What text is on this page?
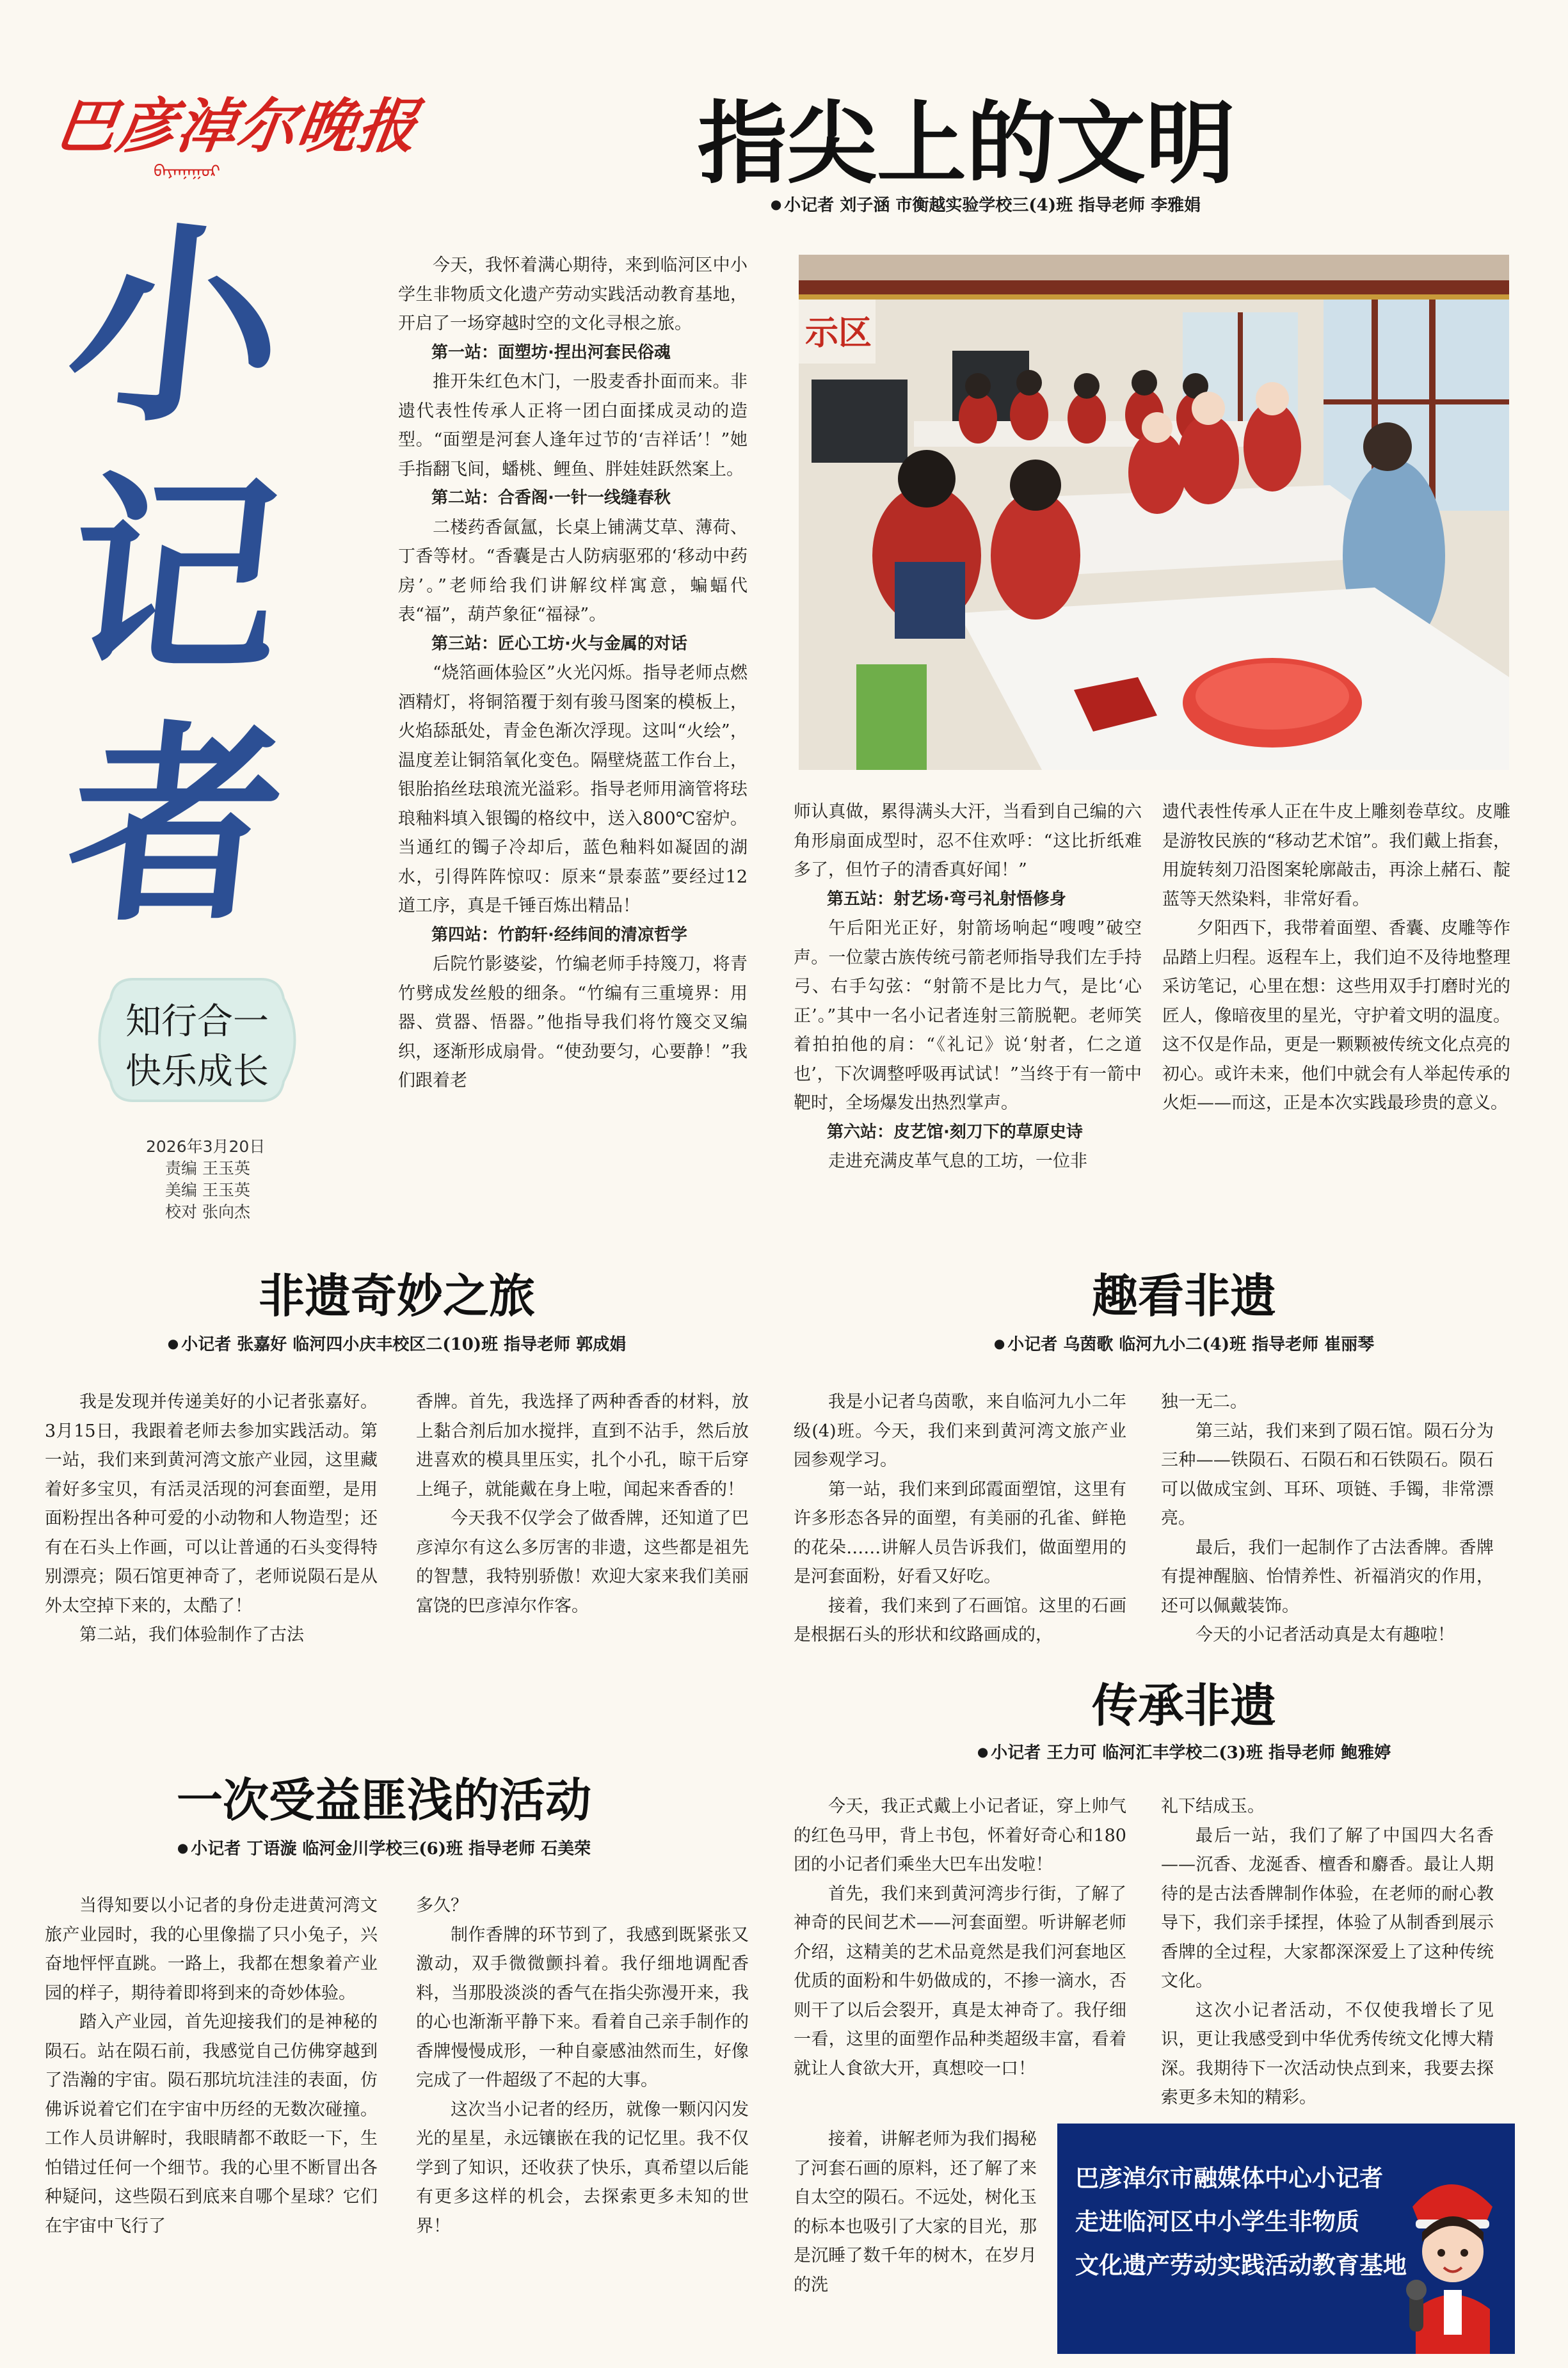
巴彦淖尔晚报
ᠪᠠᠶᠠᠨᠨᠠᠭᠤᠷ
小
记
者
知行合一
快乐成长
2026年3月20日
责编 王玉英
美编 王玉英
校对 张向杰
指尖上的文明
● 小记者 刘子涵 市衡越实验学校三(4)班 指导老师 李雅娟
示区

今天，我怀着满心期待，来到临河区中小学生非物质文化遗产劳动实践活动教育基地，开启了一场穿越时空的文化寻根之旅。

第一站：面塑坊·捏出河套民俗魂

推开朱红色木门，一股麦香扑面而来。非遗代表性传承人正将一团白面揉成灵动的造型。“面塑是河套人逢年过节的‘吉祥话’！”她手指翻飞间，蟠桃、鲤鱼、胖娃娃跃然案上。

第二站：合香阁·一针一线缝春秋

二楼药香氤氲，长桌上铺满艾草、薄荷、丁香等材。“香囊是古人防病驱邪的‘移动中药房’。”老师给我们讲解纹样寓意，蝙蝠代表“福”，葫芦象征“福禄”。

第三站：匠心工坊·火与金属的对话

“烧箔画体验区”火光闪烁。指导老师点燃酒精灯，将铜箔覆于刻有骏马图案的模板上，火焰舔舐处，青金色渐次浮现。这叫“火绘”，温度差让铜箔氧化变色。隔壁烧蓝工作台上，银胎掐丝珐琅流光溢彩。指导老师用滴管将珐琅釉料填入银镯的格纹中，送入800℃窑炉。当通红的镯子冷却后，蓝色釉料如凝固的湖水，引得阵阵惊叹：原来“景泰蓝”要经过12道工序，真是千锤百炼出精品！

第四站：竹韵轩·经纬间的清凉哲学

后院竹影婆娑，竹编老师手持篾刀，将青竹劈成发丝般的细条。“竹编有三重境界：用器、赏器、悟器。”他指导我们将竹篾交叉编织，逐渐形成扇骨。“使劲要匀，心要静！”我们跟着老

师认真做，累得满头大汗，当看到自己编的六角形扇面成型时，忍不住欢呼：“这比折纸难多了，但竹子的清香真好闻！”

第五站：射艺场·弯弓礼射悟修身

午后阳光正好，射箭场响起“嗖嗖”破空声。一位蒙古族传统弓箭老师指导我们左手持弓、右手勾弦：“射箭不是比力气，是比‘心正’。”其中一名小记者连射三箭脱靶。老师笑着拍拍他的肩：“《礼记》说‘射者，仁之道也’，下次调整呼吸再试试！”当终于有一箭中靶时，全场爆发出热烈掌声。

第六站：皮艺馆·刻刀下的草原史诗

走进充满皮革气息的工坊，一位非

遗代表性传承人正在牛皮上雕刻卷草纹。皮雕是游牧民族的“移动艺术馆”。我们戴上指套，用旋转刻刀沿图案轮廓敲击，再涂上赭石、靛蓝等天然染料，非常好看。

夕阳西下，我带着面塑、香囊、皮雕等作品踏上归程。返程车上，我们迫不及待地整理采访笔记，心里在想：这些用双手打磨时光的匠人，像暗夜里的星光，守护着文明的温度。这不仅是作品，更是一颗颗被传统文化点亮的初心。或许未来，他们中就会有人举起传承的火炬——而这，正是本次实践最珍贵的意义。

非遗奇妙之旅
● 小记者 张嘉好 临河四小庆丰校区二(10)班 指导老师 郭成娟

我是发现并传递美好的小记者张嘉好。3月15日，我跟着老师去参加实践活动。第一站，我们来到黄河湾文旅产业园，这里藏着好多宝贝，有活灵活现的河套面塑，是用面粉捏出各种可爱的小动物和人物造型；还有在石头上作画，可以让普通的石头变得特别漂亮；陨石馆更神奇了，老师说陨石是从外太空掉下来的，太酷了！

第二站，我们体验制作了古法

香牌。首先，我选择了两种香香的材料，放上黏合剂后加水搅拌，直到不沾手，然后放进喜欢的模具里压实，扎个小孔，晾干后穿上绳子，就能戴在身上啦，闻起来香香的！

今天我不仅学会了做香牌，还知道了巴彦淖尔有这么多厉害的非遗，这些都是祖先的智慧，我特别骄傲！欢迎大家来我们美丽富饶的巴彦淖尔作客。

趣看非遗
● 小记者 乌茵歌 临河九小二(4)班 指导老师 崔丽琴

我是小记者乌茵歌，来自临河九小二年级(4)班。今天，我们来到黄河湾文旅产业园参观学习。

第一站，我们来到邱霞面塑馆，这里有许多形态各异的面塑，有美丽的孔雀、鲜艳的花朵……讲解人员告诉我们，做面塑用的是河套面粉，好看又好吃。

接着，我们来到了石画馆。这里的石画是根据石头的形状和纹路画成的，

独一无二。

第三站，我们来到了陨石馆。陨石分为三种——铁陨石、石陨石和石铁陨石。陨石可以做成宝剑、耳环、项链、手镯，非常漂亮。

最后，我们一起制作了古法香牌。香牌有提神醒脑、怡情养性、祈福消灾的作用，还可以佩戴装饰。

今天的小记者活动真是太有趣啦！

一次受益匪浅的活动
● 小记者 丁语漩 临河金川学校三(6)班 指导老师 石美荣

当得知要以小记者的身份走进黄河湾文旅产业园时，我的心里像揣了只小兔子，兴奋地怦怦直跳。一路上，我都在想象着产业园的样子，期待着即将到来的奇妙体验。

踏入产业园，首先迎接我们的是神秘的陨石。站在陨石前，我感觉自己仿佛穿越到了浩瀚的宇宙。陨石那坑坑洼洼的表面，仿佛诉说着它们在宇宙中历经的无数次碰撞。工作人员讲解时，我眼睛都不敢眨一下，生怕错过任何一个细节。我的心里不断冒出各种疑问，这些陨石到底来自哪个星球？它们在宇宙中飞行了

多久？

制作香牌的环节到了，我感到既紧张又激动，双手微微颤抖着。我仔细地调配香料，当那股淡淡的香气在指尖弥漫开来，我的心也渐渐平静下来。看着自己亲手制作的香牌慢慢成形，一种自豪感油然而生，好像完成了一件超级了不起的大事。

这次当小记者的经历，就像一颗闪闪发光的星星，永远镶嵌在我的记忆里。我不仅学到了知识，还收获了快乐，真希望以后能有更多这样的机会，去探索更多未知的世界！

传承非遗
● 小记者 王力可 临河汇丰学校二(3)班 指导老师 鲍雅婷

今天，我正式戴上小记者证，穿上帅气的红色马甲，背上书包，怀着好奇心和180团的小记者们乘坐大巴车出发啦！

首先，我们来到黄河湾步行街，了解了神奇的民间艺术——河套面塑。听讲解老师介绍，这精美的艺术品竟然是我们河套地区优质的面粉和牛奶做成的，不掺一滴水，否则干了以后会裂开，真是太神奇了。我仔细一看，这里的面塑作品种类超级丰富，看着就让人食欲大开，真想咬一口！

接着，讲解老师为我们揭秘了河套石画的原料，还了解了来自太空的陨石。不远处，树化玉的标本也吸引了大家的目光，那是沉睡了数千年的树木，在岁月的洗

礼下结成玉。

最后一站，我们了解了中国四大名香——沉香、龙涎香、檀香和麝香。最让人期待的是古法香牌制作体验，在老师的耐心教导下，我们亲手揉捏，体验了从制香到展示香牌的全过程，大家都深深爱上了这种传统文化。

这次小记者活动，不仅使我增长了见识，更让我感受到中华优秀传统文化博大精深。我期待下一次活动快点到来，我要去探索更多未知的精彩。

巴彦淖尔市融媒体中心小记者
走进临河区中小学生非物质
文化遗产劳动实践活动教育基地
